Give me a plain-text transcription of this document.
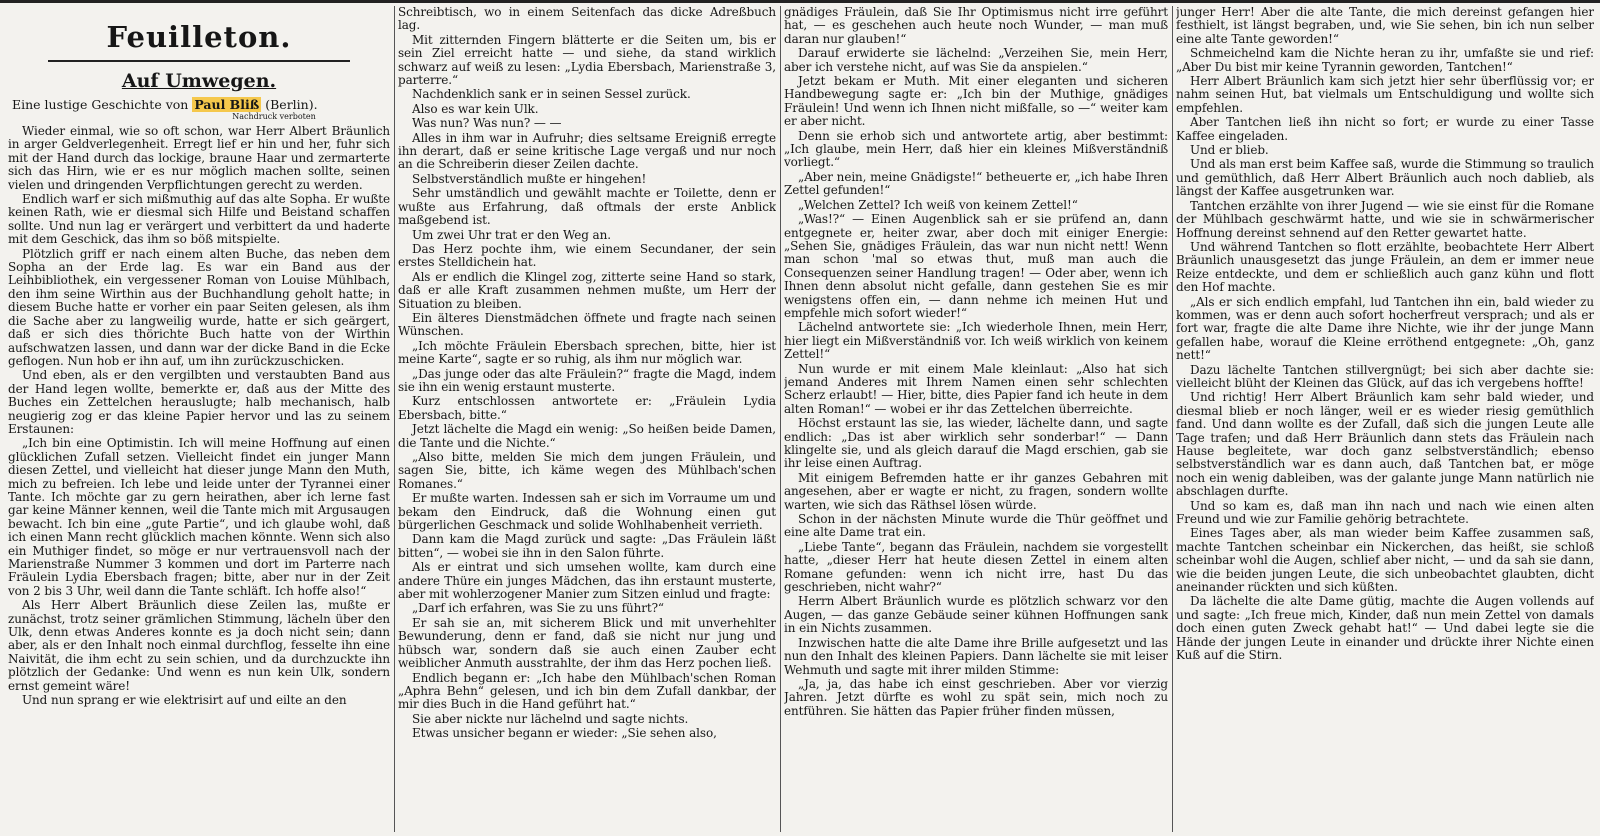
Feuilleton.
Auf Umwegen.
Eine lustige Geschichte von Paul Bliß (Berlin).
Nachdruck verboten

Wieder einmal, wie so oft schon, war Herr Albert Bräunlich in arger Geldverlegenheit. Erregt lief er hin und her, fuhr sich mit der Hand durch das lockige, braune Haar und zermarterte sich das Hirn, wie er es nur möglich machen sollte, seinen vielen und dringenden Verpflichtungen gerecht zu werden.

Endlich warf er sich mißmuthig auf das alte Sopha. Er wußte keinen Rath, wie er diesmal sich Hilfe und Beistand schaffen sollte. Und nun lag er verärgert und verbittert da und haderte mit dem Geschick, das ihm so böß mitspielte.

Plötzlich griff er nach einem alten Buche, das neben dem Sopha an der Erde lag. Es war ein Band aus der Leihbibliothek, ein vergessener Roman von Louise Mühlbach, den ihm seine Wirthin aus der Buchhandlung geholt hatte; in diesem Buche hatte er vorher ein paar Seiten gelesen, als ihm die Sache aber zu langweilig wurde, hatte er sich geärgert, daß er sich dies thörichte Buch hatte von der Wirthin aufschwatzen lassen, und dann war der dicke Band in die Ecke geflogen. Nun hob er ihn auf, um ihn zurückzuschicken.

Und eben, als er den vergilbten und verstaubten Band aus der Hand legen wollte, bemerkte er, daß aus der Mitte des Buches ein Zettelchen herauslugte; halb mechanisch, halb neugierig zog er das kleine Papier hervor und las zu seinem Erstaunen:

„Ich bin eine Optimistin. Ich will meine Hoffnung auf einen glücklichen Zufall setzen. Vielleicht findet ein junger Mann diesen Zettel, und vielleicht hat dieser junge Mann den Muth, mich zu befreien. Ich lebe und leide unter der Tyrannei einer Tante. Ich möchte gar zu gern heirathen, aber ich lerne fast gar keine Männer kennen, weil die Tante mich mit Argusaugen bewacht. Ich bin eine „gute Partie“, und ich glaube wohl, daß ich einen Mann recht glücklich machen könnte. Wenn sich also ein Muthiger findet, so möge er nur vertrauensvoll nach der Marienstraße Nummer 3 kommen und dort im Parterre nach Fräulein Lydia Ebersbach fragen; bitte, aber nur in der Zeit von 2 bis 3 Uhr, weil dann die Tante schläft. Ich hoffe also!“

Als Herr Albert Bräunlich diese Zeilen las, mußte er zunächst, trotz seiner grämlichen Stimmung, lächeln über den Ulk, denn etwas Anderes konnte es ja doch nicht sein; dann aber, als er den Inhalt noch einmal durchflog, fesselte ihn eine Naivität, die ihm echt zu sein schien, und da durchzuckte ihn plötzlich der Gedanke: Und wenn es nun kein Ulk, sondern ernst gemeint wäre!

Und nun sprang er wie elektrisirt auf und eilte an den

Schreibtisch, wo in einem Seitenfach das dicke Adreßbuch lag.

Mit zitternden Fingern blätterte er die Seiten um, bis er sein Ziel erreicht hatte — und siehe, da stand wirklich schwarz auf weiß zu lesen: „Lydia Ebersbach, Marienstraße 3, parterre.“

Nachdenklich sank er in seinen Sessel zurück.

Also es war kein Ulk.

Was nun? Was nun? — —

Alles in ihm war in Aufruhr; dies seltsame Ereigniß erregte ihn derart, daß er seine kritische Lage vergaß und nur noch an die Schreiberin dieser Zeilen dachte.

Selbstverständlich mußte er hingehen!

Sehr umständlich und gewählt machte er Toilette, denn er wußte aus Erfahrung, daß oftmals der erste Anblick maßgebend ist.

Um zwei Uhr trat er den Weg an.

Das Herz pochte ihm, wie einem Secundaner, der sein erstes Stelldichein hat.

Als er endlich die Klingel zog, zitterte seine Hand so stark, daß er alle Kraft zusammen nehmen mußte, um Herr der Situation zu bleiben.

Ein älteres Dienstmädchen öffnete und fragte nach seinen Wünschen.

„Ich möchte Fräulein Ebersbach sprechen, bitte, hier ist meine Karte“, sagte er so ruhig, als ihm nur möglich war.

„Das junge oder das alte Fräulein?“ fragte die Magd, indem sie ihn ein wenig erstaunt musterte.

Kurz entschlossen antwortete er: „Fräulein Lydia Ebersbach, bitte.“

Jetzt lächelte die Magd ein wenig: „So heißen beide Damen, die Tante und die Nichte.“

„Also bitte, melden Sie mich dem jungen Fräulein, und sagen Sie, bitte, ich käme wegen des Mühlbach'schen Romanes.“

Er mußte warten. Indessen sah er sich im Vorraume um und bekam den Eindruck, daß die Wohnung einen gut bürgerlichen Geschmack und solide Wohlhabenheit verrieth.

Dann kam die Magd zurück und sagte: „Das Fräulein läßt bitten“, — wobei sie ihn in den Salon führte.

Als er eintrat und sich umsehen wollte, kam durch eine andere Thüre ein junges Mädchen, das ihn erstaunt musterte, aber mit wohlerzogener Manier zum Sitzen einlud und fragte:

„Darf ich erfahren, was Sie zu uns führt?“

Er sah sie an, mit sicherem Blick und mit unverhehlter Bewunderung, denn er fand, daß sie nicht nur jung und hübsch war, sondern daß sie auch einen Zauber echt weiblicher Anmuth ausstrahlte, der ihm das Herz pochen ließ.

Endlich begann er: „Ich habe den Mühlbach'schen Roman „Aphra Behn“ gelesen, und ich bin dem Zufall dankbar, der mir dies Buch in die Hand geführt hat.“

Sie aber nickte nur lächelnd und sagte nichts.

Etwas unsicher begann er wieder: „Sie sehen also,

gnädiges Fräulein, daß Sie Ihr Optimismus nicht irre geführt hat, — es geschehen auch heute noch Wunder, — man muß daran nur glauben!“

Darauf erwiderte sie lächelnd: „Verzeihen Sie, mein Herr, aber ich verstehe nicht, auf was Sie da anspielen.“

Jetzt bekam er Muth. Mit einer eleganten und sicheren Handbewegung sagte er: „Ich bin der Muthige, gnädiges Fräulein! Und wenn ich Ihnen nicht mißfalle, so —“ weiter kam er aber nicht.

Denn sie erhob sich und antwortete artig, aber bestimmt: „Ich glaube, mein Herr, daß hier ein kleines Mißverständniß vorliegt.“

„Aber nein, meine Gnädigste!“ betheuerte er, „ich habe Ihren Zettel gefunden!“

„Welchen Zettel? Ich weiß von keinem Zettel!“

„Was!?“ — Einen Augenblick sah er sie prüfend an, dann entgegnete er, heiter zwar, aber doch mit einiger Energie: „Sehen Sie, gnädiges Fräulein, das war nun nicht nett! Wenn man schon 'mal so etwas thut, muß man auch die Consequenzen seiner Handlung tragen! — Oder aber, wenn ich Ihnen denn absolut nicht gefalle, dann gestehen Sie es mir wenigstens offen ein, — dann nehme ich meinen Hut und empfehle mich sofort wieder!“

Lächelnd antwortete sie: „Ich wiederhole Ihnen, mein Herr, hier liegt ein Mißverständniß vor. Ich weiß wirklich von keinem Zettel!“

Nun wurde er mit einem Male kleinlaut: „Also hat sich jemand Anderes mit Ihrem Namen einen sehr schlechten Scherz erlaubt! — Hier, bitte, dies Papier fand ich heute in dem alten Roman!“ — wobei er ihr das Zettelchen überreichte.

Höchst erstaunt las sie, las wieder, lächelte dann, und sagte endlich: „Das ist aber wirklich sehr sonderbar!“ — Dann klingelte sie, und als gleich darauf die Magd erschien, gab sie ihr leise einen Auftrag.

Mit einigem Befremden hatte er ihr ganzes Gebahren mit angesehen, aber er wagte er nicht, zu fragen, sondern wollte warten, wie sich das Räthsel lösen würde.

Schon in der nächsten Minute wurde die Thür geöffnet und eine alte Dame trat ein.

„Liebe Tante“, begann das Fräulein, nachdem sie vorgestellt hatte, „dieser Herr hat heute diesen Zettel in einem alten Romane gefunden: wenn ich nicht irre, hast Du das geschrieben, nicht wahr?“

Herrn Albert Bräunlich wurde es plötzlich schwarz vor den Augen, — das ganze Gebäude seiner kühnen Hoffnungen sank in ein Nichts zusammen.

Inzwischen hatte die alte Dame ihre Brille aufgesetzt und las nun den Inhalt des kleinen Papiers. Dann lächelte sie mit leiser Wehmuth und sagte mit ihrer milden Stimme:

„Ja, ja, das habe ich einst geschrieben. Aber vor vierzig Jahren. Jetzt dürfte es wohl zu spät sein, mich noch zu entführen. Sie hätten das Papier früher finden müssen,

junger Herr! Aber die alte Tante, die mich dereinst gefangen hier festhielt, ist längst begraben, und, wie Sie sehen, bin ich nun selber eine alte Tante geworden!“

Schmeichelnd kam die Nichte heran zu ihr, umfaßte sie und rief: „Aber Du bist mir keine Tyrannin geworden, Tantchen!“

Herr Albert Bräunlich kam sich jetzt hier sehr überflüssig vor; er nahm seinen Hut, bat vielmals um Entschuldigung und wollte sich empfehlen.

Aber Tantchen ließ ihn nicht so fort; er wurde zu einer Tasse Kaffee eingeladen.

Und er blieb.

Und als man erst beim Kaffee saß, wurde die Stimmung so traulich und gemüthlich, daß Herr Albert Bräunlich auch noch dablieb, als längst der Kaffee ausgetrunken war.

Tantchen erzählte von ihrer Jugend — wie sie einst für die Romane der Mühlbach geschwärmt hatte, und wie sie in schwärmerischer Hoffnung dereinst sehnend auf den Retter gewartet hatte.

Und während Tantchen so flott erzählte, beobachtete Herr Albert Bräunlich unausgesetzt das junge Fräulein, an dem er immer neue Reize entdeckte, und dem er schließlich auch ganz kühn und flott den Hof machte.

„Als er sich endlich empfahl, lud Tantchen ihn ein, bald wieder zu kommen, was er denn auch sofort hocherfreut versprach; und als er fort war, fragte die alte Dame ihre Nichte, wie ihr der junge Mann gefallen habe, worauf die Kleine erröthend entgegnete: „Oh, ganz nett!“

Dazu lächelte Tantchen stillvergnügt; bei sich aber dachte sie: vielleicht blüht der Kleinen das Glück, auf das ich vergebens hoffte!

Und richtig! Herr Albert Bräunlich kam sehr bald wieder, und diesmal blieb er noch länger, weil er es wieder riesig gemüthlich fand. Und dann wollte es der Zufall, daß sich die jungen Leute alle Tage trafen; und daß Herr Bräunlich dann stets das Fräulein nach Hause begleitete, war doch ganz selbstverständlich; ebenso selbstverständlich war es dann auch, daß Tantchen bat, er möge noch ein wenig dableiben, was der galante junge Mann natürlich nie abschlagen durfte.

Und so kam es, daß man ihn nach und nach wie einen alten Freund und wie zur Familie gehörig betrachtete.

Eines Tages aber, als man wieder beim Kaffee zusammen saß, machte Tantchen scheinbar ein Nickerchen, das heißt, sie schloß scheinbar wohl die Augen, schlief aber nicht, — und da sah sie dann, wie die beiden jungen Leute, die sich unbeobachtet glaubten, dicht aneinander rückten und sich küßten.

Da lächelte die alte Dame gütig, machte die Augen vollends auf und sagte: „Ich freue mich, Kinder, daß nun mein Zettel von damals doch einen guten Zweck gehabt hat!“ — Und dabei legte sie die Hände der jungen Leute in einander und drückte ihrer Nichte einen Kuß auf die Stirn.
